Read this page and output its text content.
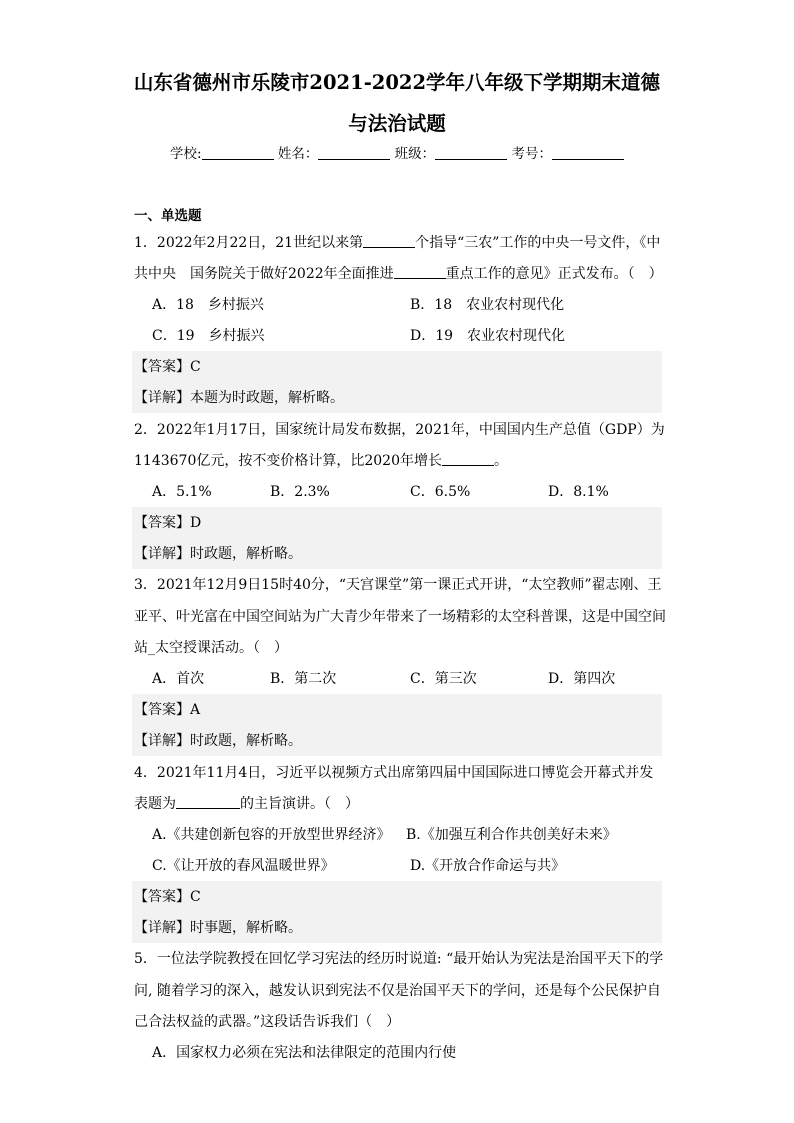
山东省德州市乐陵市2021-2022学年八年级下学期期末道德
与法治试题
学校:	姓名：	班级：	考号：
一、单选题
1．2022年2月22日，21世纪以来第	个指导“三农”工作的中央一号文件，《中
共中央　国务院关于做好2022年全面推进	重点工作的意见》正式发布。（　）
A．18　乡村振兴	B．18　农业农村现代化
C．19　乡村振兴	D．19　农业农村现代化
【答案】C
【详解】本题为时政题，解析略。
2．2022年1月17日，国家统计局发布数据，2021年，中国国内生产总值（GDP）为
1143670亿元，按不变价格计算，比2020年增长	。
A．5.1%	B．2.3%	C．6.5%	D．8.1%
【答案】D
【详解】时政题，解析略。
3．2021年12月9日15时40分，“天宫课堂”第一课正式开讲，“太空教师”翟志刚、王
亚平、叶光富在中国空间站为广大青少年带来了一场精彩的太空科普课，这是中国空间
站_太空授课活动。（　）
A．首次	B．第二次	C．第三次	D．第四次
【答案】A
【详解】时政题，解析略。
4．2021年11月4日，习近平以视频方式出席第四届中国国际进口博览会开幕式并发
表题为	的主旨演讲。（　）
A.《共建创新包容的开放型世界经济》 B.《加强互利合作共创美好未来》
C.《让开放的春风温暖世界》	D.《开放合作命运与共》
【答案】C
【详解】时事题，解析略。
5．一位法学院教授在回忆学习宪法的经历时说道: “最开始认为宪法是治国平天下的学
问, 随着学习的深入，越发认识到宪法不仅是治国平天下的学问，还是每个公民保护自
己合法权益的武器。”这段话告诉我们（　）
A．国家权力必须在宪法和法律限定的范围内行使
